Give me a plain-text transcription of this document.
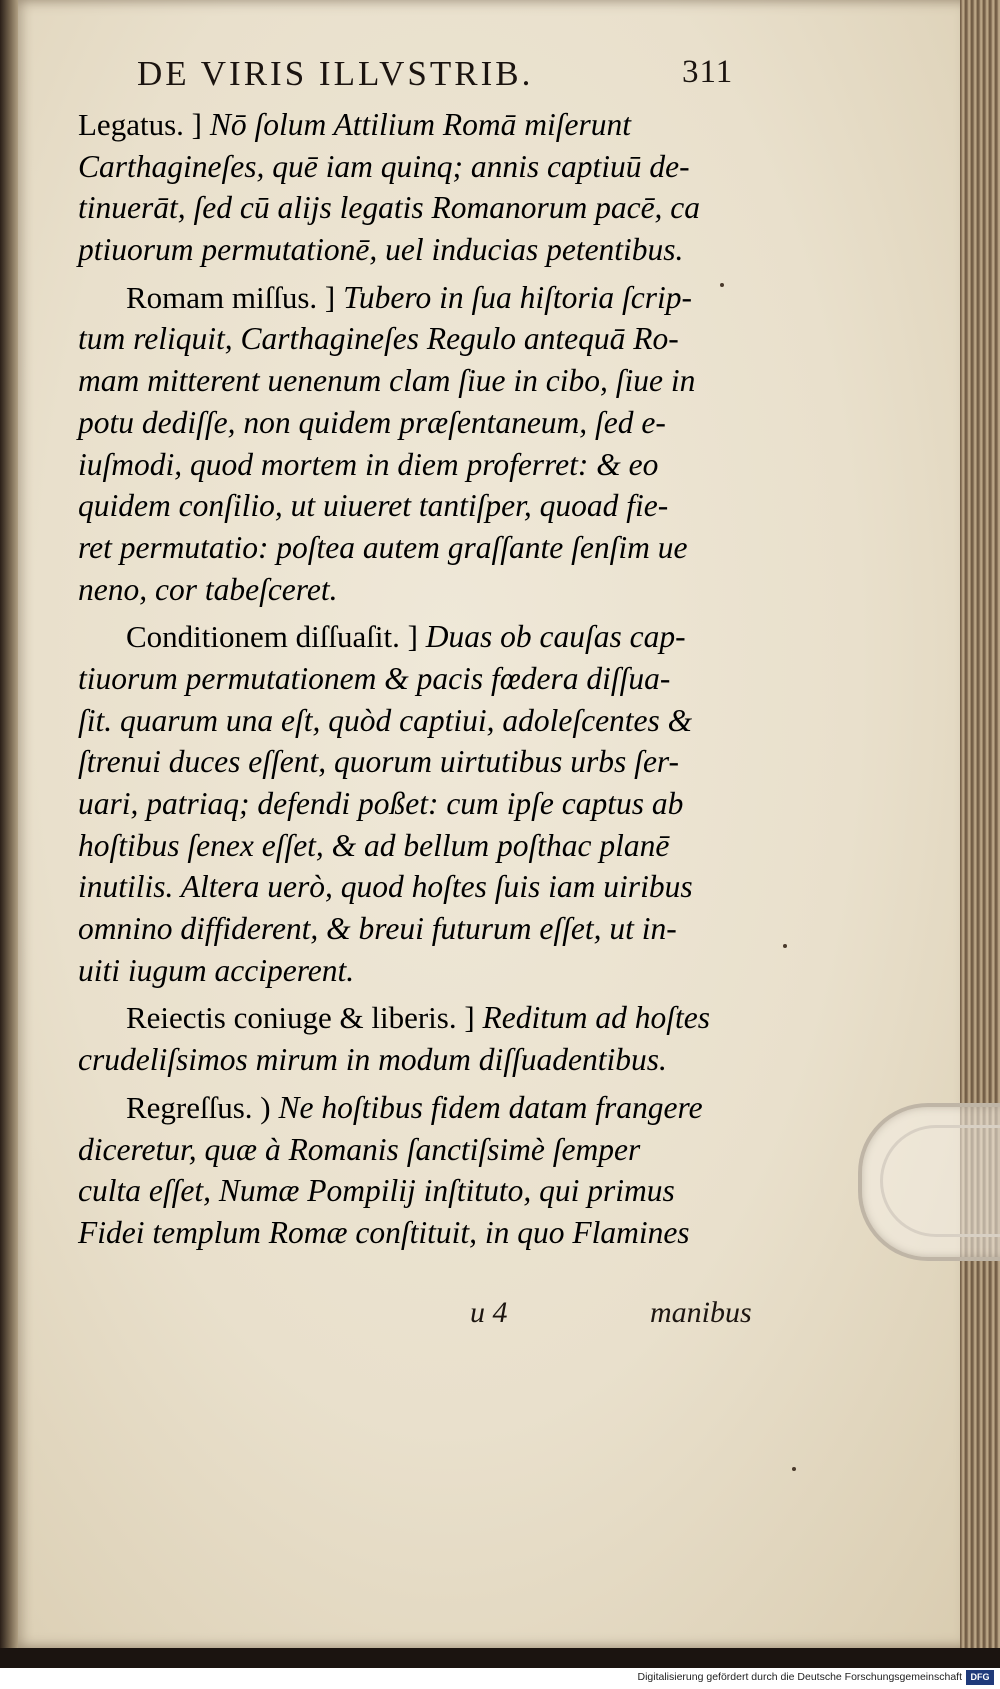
DE VIRIS ILLVSTRIB.	311
Legatus. ] Nō ſolum Attilium Romā miſerunt
Carthagineſes, quē iam quinq; annis captiuū de-
tinuerāt, ſed cū alijs legatis Romanorum pacē, ca
ptiuorum permutationē, uel inducias petentibus.
Romam miſſus. ] Tubero in ſua hiſtoria ſcrip-
tum reliquit, Carthagineſes Regulo antequā Ro-
mam mitterent uenenum clam ſiue in cibo, ſiue in
potu dediſſe, non quidem præſentaneum, ſed e-
iuſmodi, quod mortem in diem proferret: & eo
quidem conſilio, ut uiueret tantiſper, quoad fie-
ret permutatio: poſtea autem graſſante ſenſim ue
neno, cor tabeſceret.
Conditionem diſſuaſit. ] Duas ob cauſas cap-
tiuorum permutationem & pacis fœdera diſſua-
ſit. quarum una eſt, quòd captiui, adoleſcentes &
ſtrenui duces eſſent, quorum uirtutibus urbs ſer-
uari, patriaq; defendi poßet: cum ipſe captus ab
hoſtibus ſenex eſſet, & ad bellum poſthac planē
inutilis. Altera uerò, quod hoſtes ſuis iam uiribus
omnino diffiderent, & breui futurum eſſet, ut in-
uiti iugum acciperent.
Reiectis coniuge & liberis. ] Reditum ad hoſtes
crudeliſsimos mirum in modum diſſuadentibus.
Regreſſus. ) Ne hoſtibus fidem datam frangere
diceretur, quæ à Romanis ſanctiſsimè ſemper
culta eſſet, Numæ Pompilij inſtituto, qui primus
Fidei templum Romæ conſtituit, in quo Flamines
u 4	manibus
Digitalisierung gefördert durch die Deutsche Forschungsgemeinschaft DFG
